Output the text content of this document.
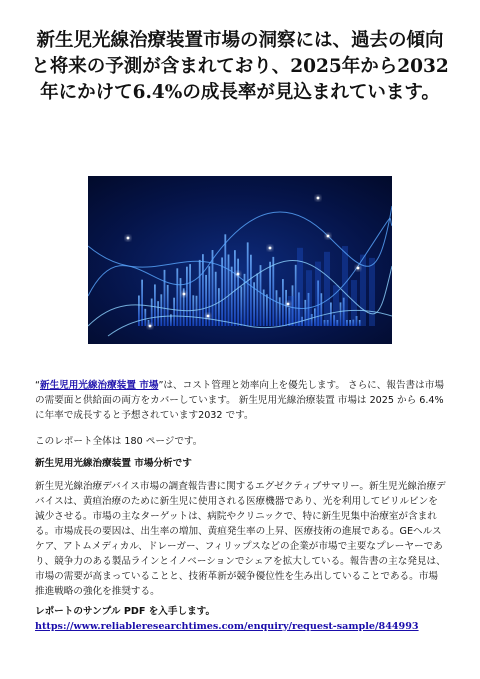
新生児光線治療装置市場の洞察には、過去の傾向と将来の予測が含まれており、2025年から2032年にかけて6.4%の成長率が見込まれています。

“新生児用光線治療装置 市場”は、コスト管理と効率向上を優先します。 さらに、報告書は市場の需要面と供給面の両方をカバーしています。 新生児用光線治療装置 市場は 2025 から 6.4% に年率で成長すると予想されています2032 です。

このレポート全体は 180 ページです。

新生児用光線治療装置 市場分析です

新生児光線治療デバイス市場の調査報告書に関するエグゼクティブサマリー。新生児光線治療デバイスは、黄疸治療のために新生児に使用される医療機器であり、光を利用してビリルビンを減少させる。市場の主なターゲットは、病院やクリニックで、特に新生児集中治療室が含まれる。市場成長の要因は、出生率の増加、黄疸発生率の上昇、医療技術の進展である。GEヘルスケア、アトムメディカル、ドレーガー、フィリップスなどの企業が市場で主要なプレーヤーであり、競争力のある製品ラインとイノベーションでシェアを拡大している。報告書の主な発見は、市場の需要が高まっていることと、技術革新が競争優位性を生み出していることである。市場推進戦略の強化を推奨する。

レポートのサンプル PDF を入手します。 https://www.reliableresearchtimes.com/enquiry/request-sample/844993
